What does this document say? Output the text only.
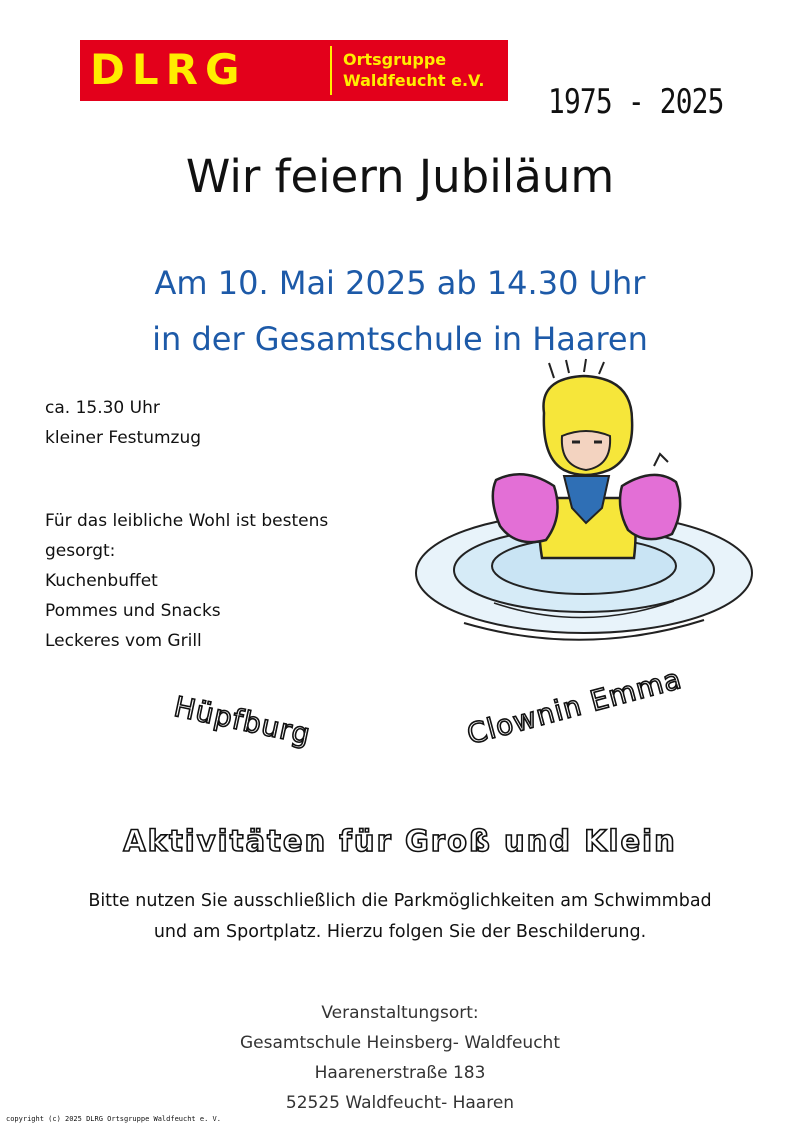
DLRG	Ortsgruppe
Waldfeucht e.V.
1975 - 2025
Wir feiern Jubiläum
Am 10. Mai 2025 ab 14.30 Uhr
in der Gesamtschule in Haaren
ca. 15.30 Uhr
kleiner Festumzug
Für das leibliche Wohl ist bestens
gesorgt:
Kuchenbuffet
Pommes und Snacks
Leckeres vom Grill
Hüpfburg	Clownin Emma
Aktivitäten für Groß und Klein
Bitte nutzen Sie ausschließlich die Parkmöglichkeiten am Schwimmbad
und am Sportplatz. Hierzu folgen Sie der Beschilderung.
Veranstaltungsort:
Gesamtschule Heinsberg- Waldfeucht
Haarenerstraße 183
52525 Waldfeucht- Haaren
copyright (c) 2025 DLRG Ortsgruppe Waldfeucht e. V.
